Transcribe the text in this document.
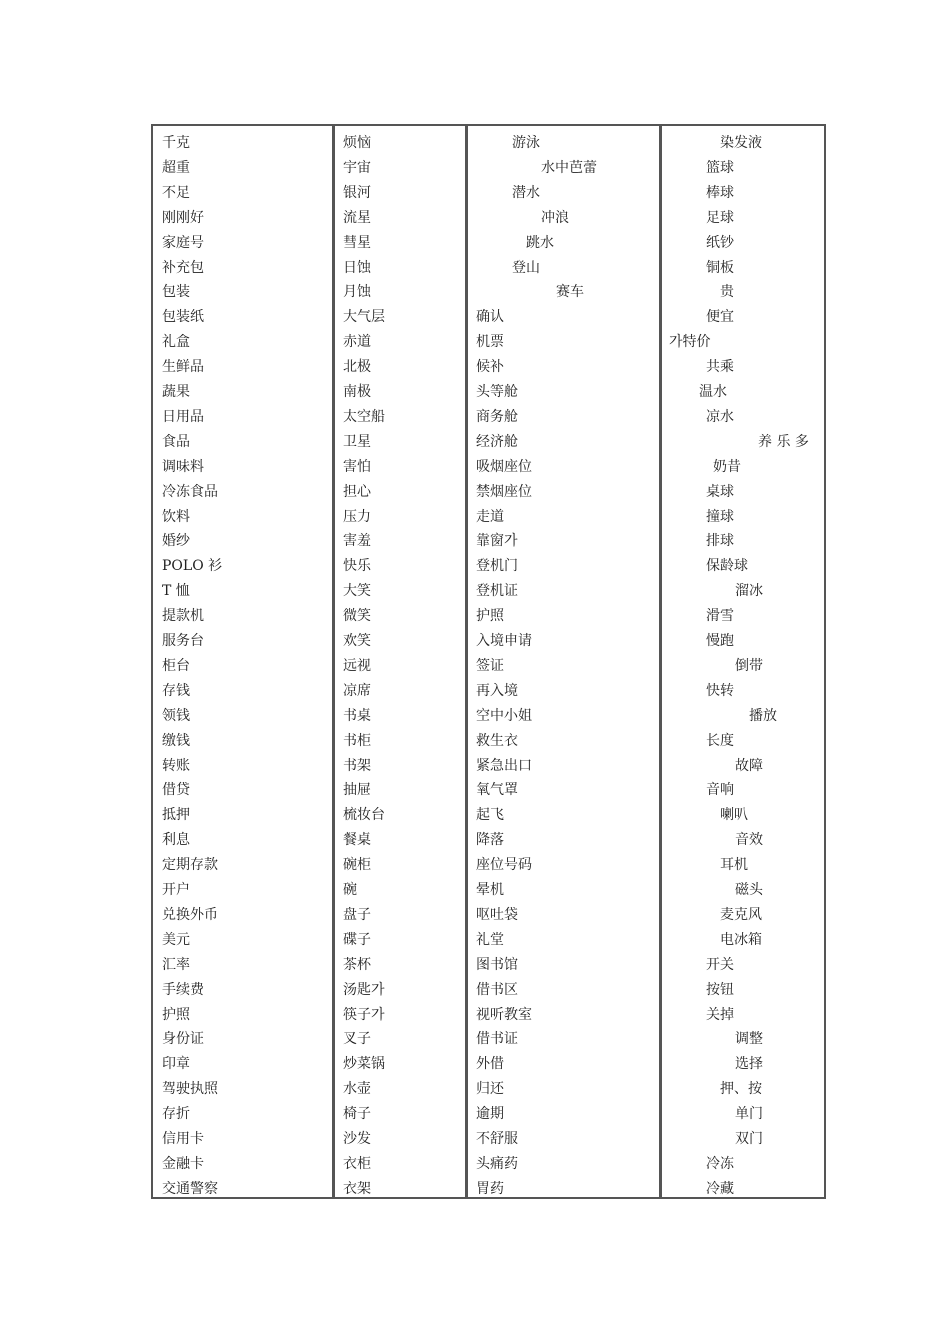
千克
超重
不足
刚刚好
家庭号
补充包
包装
包装纸
礼盒
生鲜品
蔬果
日用品
食品
调味料
冷冻食品
饮料
婚纱
POLO 衫
T 恤
提款机
服务台
柜台
存钱
领钱
缴钱
转账
借贷
抵押
利息
定期存款
开户
兑换外币
美元
汇率
手续费
护照
身份证
印章
驾驶执照
存折
信用卡
金融卡
交通警察
烦恼
宇宙
银河
流星
彗星
日蚀
月蚀
大气层
赤道
北极
南极
太空船
卫星
害怕
担心
压力
害羞
快乐
大笑
微笑
欢笑
远视
凉席
书桌
书柜
书架
抽屉
梳妆台
餐桌
碗柜
碗
盘子
碟子
茶杯
汤匙가
筷子가
叉子
炒菜锅
水壶
椅子
沙发
衣柜
衣架
游泳
水中芭蕾
潜水
冲浪
跳水
登山
赛车
确认
机票
候补
头等舱
商务舱
经济舱
吸烟座位
禁烟座位
走道
靠窗가
登机门
登机证
护照
入境申请
签证
再入境
空中小姐
救生衣
紧急出口
氧气罩
起飞
降落
座位号码
晕机
呕吐袋
礼堂
图书馆
借书区
视听教室
借书证
外借
归还
逾期
不舒服
头痛药
胃药
染发液
篮球
棒球
足球
纸钞
铜板
贵
便宜
가特价
共乘
温水
凉水
养 乐 多
奶昔
桌球
撞球
排球
保龄球
溜冰
滑雪
慢跑
倒带
快转
播放
长度
故障
音响
喇叭
音效
耳机
磁头
麦克风
电冰箱
开关
按钮
关掉
调整
选择
押、按
单门
双门
冷冻
冷藏
